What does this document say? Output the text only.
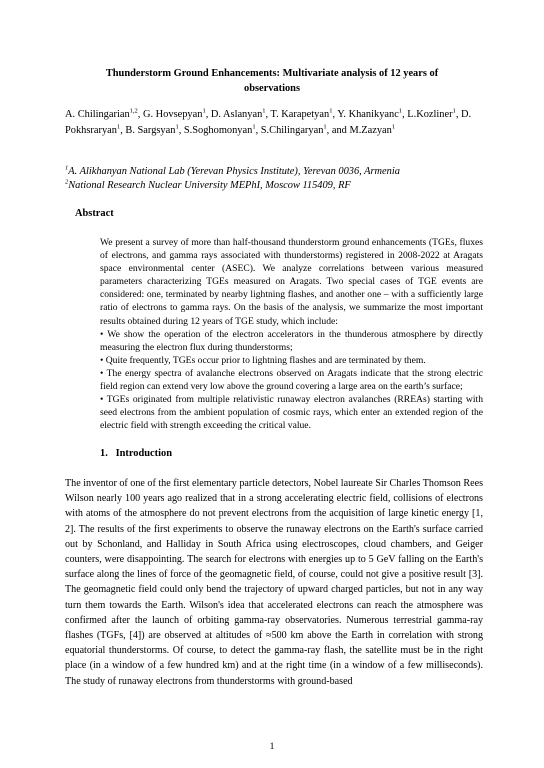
Thunderstorm Ground Enhancements: Multivariate analysis of 12 years of observations
A. Chilingarian$^{1,2}$, G. Hovsepyan$^1$, D. Aslanyan$^1$, T. Karapetyan$^1$, Y. Khanikyanc$^1$, L.Kozliner$^1$, D. Pokhsraryan$^1$, B. Sargsyan$^1$, S.Soghomonyan$^1$, S.Chilingaryan$^1$, and M.Zazyan$^1$
$^1$A. Alikhanyan National Lab (Yerevan Physics Institute), Yerevan 0036, Armenia
$^2$National Research Nuclear University MEPhI, Moscow 115409, RF
Abstract

We present a survey of more than half-thousand thunderstorm ground enhancements (TGEs, fluxes of electrons, and gamma rays associated with thunderstorms) registered in 2008-2022 at Aragats space environmental center (ASEC). We analyze correlations between various measured parameters characterizing TGEs measured on Aragats. Two special cases of TGE events are considered: one, terminated by nearby lightning flashes, and another one – with a sufficiently large ratio of electrons to gamma rays. On the basis of the analysis, we summarize the most important results obtained during 12 years of TGE study, which include:

• We show the operation of the electron accelerators in the thunderous atmosphere by directly measuring the electron flux during thunderstorms;

• Quite frequently, TGEs occur prior to lightning flashes and are terminated by them.

• The energy spectra of avalanche electrons observed on Aragats indicate that the strong electric field region can extend very low above the ground covering a large area on the earth’s surface;

• TGEs originated from multiple relativistic runaway electron avalanches (RREAs) starting with seed electrons from the ambient population of cosmic rays, which enter an extended region of the electric field with strength exceeding the critical value.

1. Introduction

The inventor of one of the first elementary particle detectors, Nobel laureate Sir Charles Thomson Rees Wilson nearly 100 years ago realized that in a strong accelerating electric field, collisions of electrons with atoms of the atmosphere do not prevent electrons from the acquisition of large kinetic energy [1, 2]. The results of the first experiments to observe the runaway electrons on the Earth's surface carried out by Schonland, and Halliday in South Africa using electroscopes, cloud chambers, and Geiger counters, were disappointing. The search for electrons with energies up to 5 GeV falling on the Earth's surface along the lines of force of the geomagnetic field, of course, could not give a positive result [3]. The geomagnetic field could only bend the trajectory of upward charged particles, but not in any way turn them towards the Earth. Wilson's idea that accelerated electrons can reach the atmosphere was confirmed after the launch of orbiting gamma-ray observatories. Numerous terrestrial gamma-ray flashes (TGFs, [4]) are observed at altitudes of ≈500 km above the Earth in correlation with strong equatorial thunderstorms. Of course, to detect the gamma-ray flash, the satellite must be in the right place (in a window of a few hundred km) and at the right time (in a window of a few milliseconds). The study of runaway electrons from thunderstorms with ground-based

1
